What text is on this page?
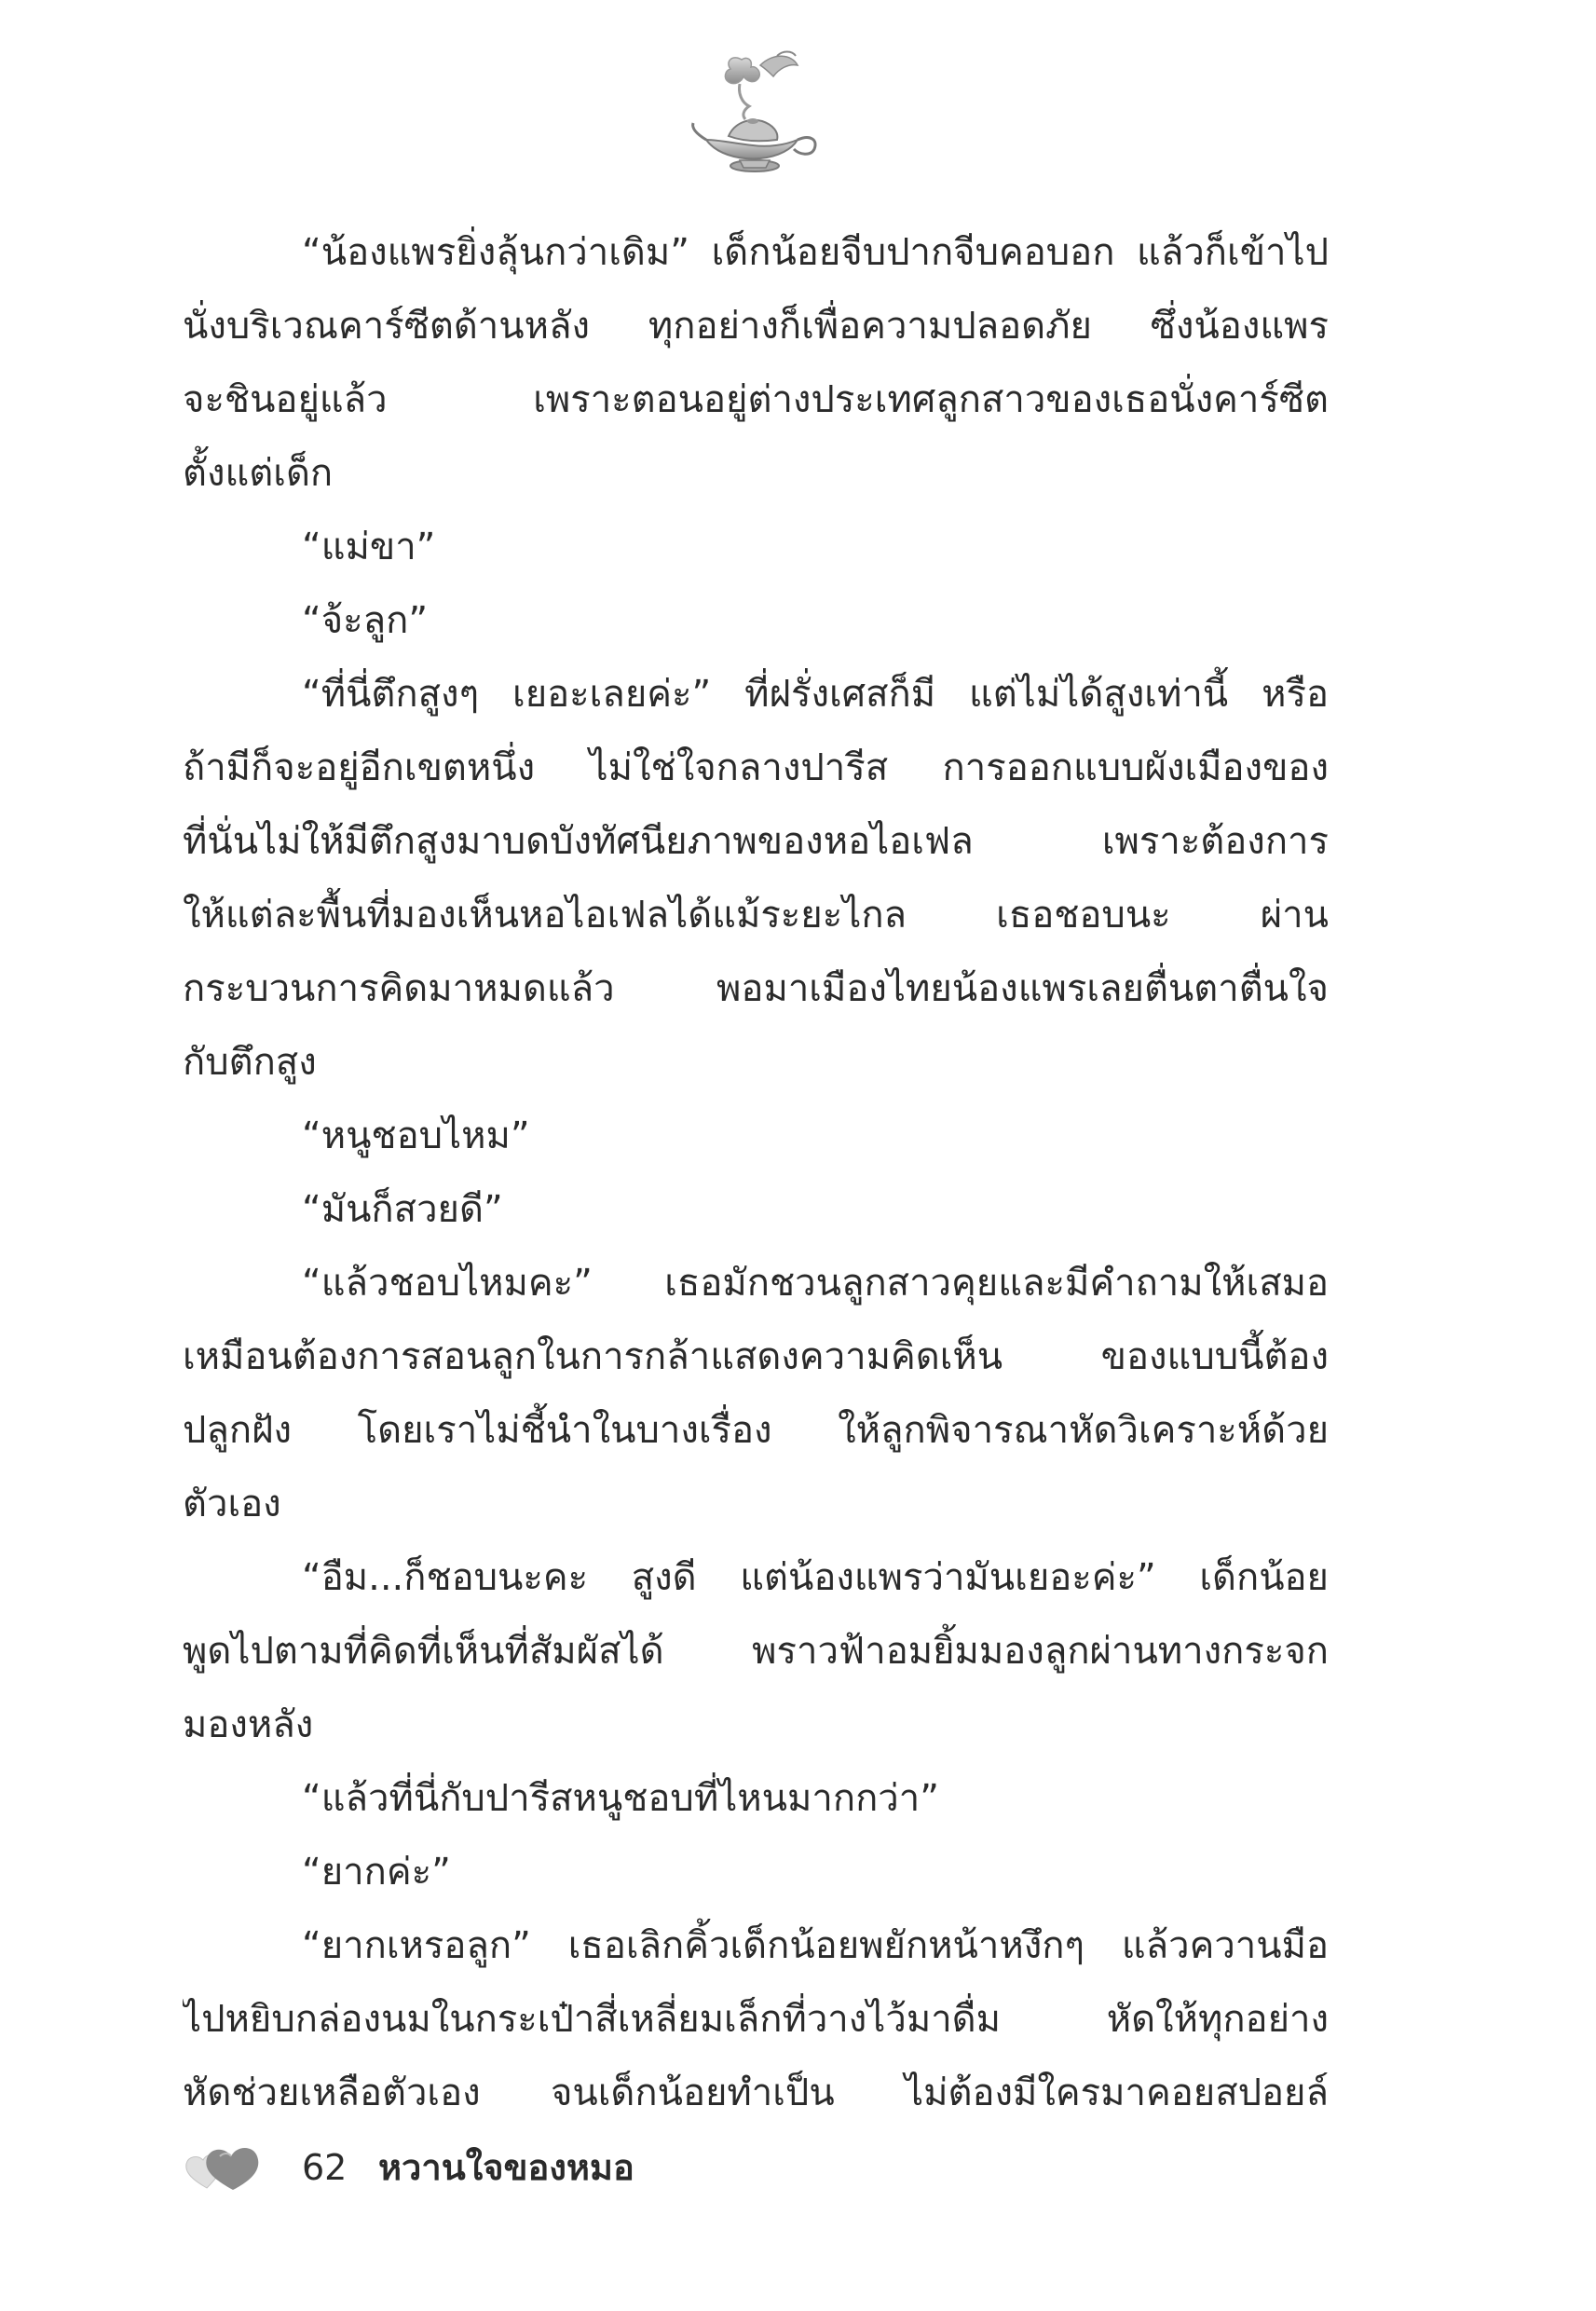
“น้องแพรยิ่งลุ้นกว่าเดิม” เด็กน้อยจีบปากจีบคอบอก แล้วก็เข้าไป
นั่งบริเวณคาร์ซีตด้านหลัง ทุกอย่างก็เพื่อความปลอดภัย ซึ่งน้องแพร
จะชินอยู่แล้ว เพราะตอนอยู่ต่างประเทศลูกสาวของเธอนั่งคาร์ซีต
ตั้งแต่เด็ก
“แม่ขา”
“จ้ะลูก”
“ที่นี่ตึกสูงๆ เยอะเลยค่ะ” ที่ฝรั่งเศสก็มี แต่ไม่ได้สูงเท่านี้ หรือ
ถ้ามีก็จะอยู่อีกเขตหนึ่ง ไม่ใช่ใจกลางปารีส การออกแบบผังเมืองของ
ที่นั่นไม่ให้มีตึกสูงมาบดบังทัศนียภาพของหอไอเฟล เพราะต้องการ
ให้แต่ละพื้นที่มองเห็นหอไอเฟลได้แม้ระยะไกล เธอชอบนะ ผ่าน
กระบวนการคิดมาหมดแล้ว พอมาเมืองไทยน้องแพรเลยตื่นตาตื่นใจ
กับตึกสูง
“หนูชอบไหม”
“มันก็สวยดี”
“แล้วชอบไหมคะ” เธอมักชวนลูกสาวคุยและมีคำถามให้เสมอ
เหมือนต้องการสอนลูกในการกล้าแสดงความคิดเห็น ของแบบนี้ต้อง
ปลูกฝัง โดยเราไม่ชี้นำในบางเรื่อง ให้ลูกพิจารณาหัดวิเคราะห์ด้วย
ตัวเอง
“อืม...ก็ชอบนะคะ สูงดี แต่น้องแพรว่ามันเยอะค่ะ” เด็กน้อย
พูดไปตามที่คิดที่เห็นที่สัมผัสได้ พราวฟ้าอมยิ้มมองลูกผ่านทางกระจก
มองหลัง
“แล้วที่นี่กับปารีสหนูชอบที่ไหนมากกว่า”
“ยากค่ะ”
“ยากเหรอลูก” เธอเลิกคิ้วเด็กน้อยพยักหน้าหงึกๆ แล้วควานมือ
ไปหยิบกล่องนมในกระเป๋าสี่เหลี่ยมเล็กที่วางไว้มาดื่ม หัดให้ทุกอย่าง
หัดช่วยเหลือตัวเอง จนเด็กน้อยทำเป็น ไม่ต้องมีใครมาคอยสปอยล์
62 หวานใจของหมอ
